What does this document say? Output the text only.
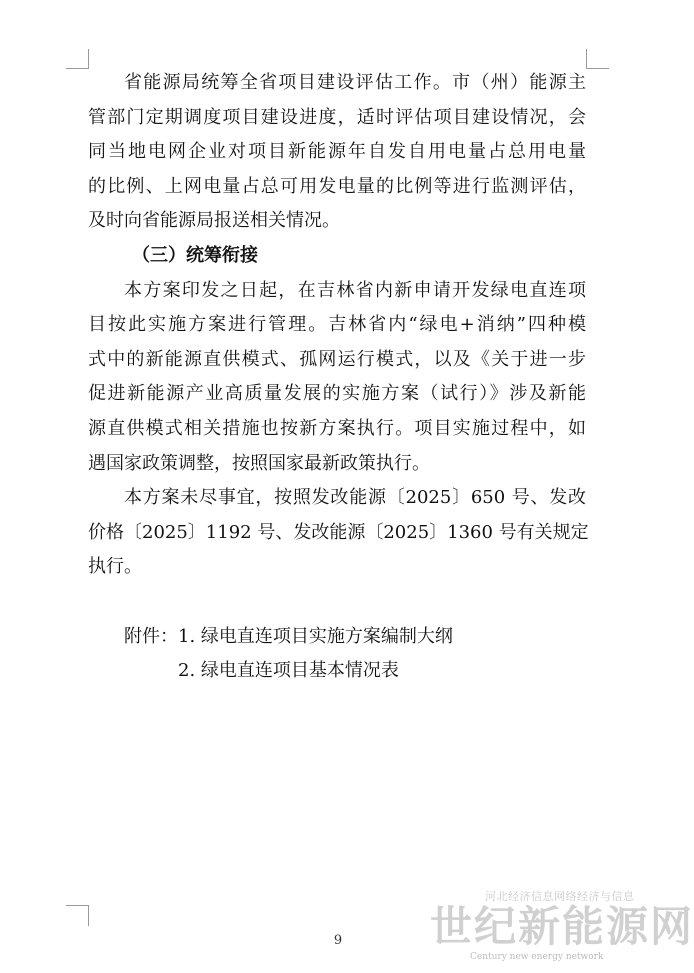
省能源局统筹全省项目建设评估工作。市（州）能源主
管部门定期调度项目建设进度，适时评估项目建设情况，会
同当地电网企业对项目新能源年自发自用电量占总用电量
的比例、上网电量占总可用发电量的比例等进行监测评估，
及时向省能源局报送相关情况。
（三）统筹衔接
本方案印发之日起，在吉林省内新申请开发绿电直连项
目按此实施方案进行管理。吉林省内“绿电+消纳”四种模
式中的新能源直供模式、孤网运行模式，以及《关于进一步
促进新能源产业高质量发展的实施方案（试行）》涉及新能
源直供模式相关措施也按新方案执行。项目实施过程中，如
遇国家政策调整，按照国家最新政策执行。
本方案未尽事宜，按照发改能源〔2025〕650 号、发改
价格〔2025〕1192 号、发改能源〔2025〕1360 号有关规定
执行。
附件：1. 绿电直连项目实施方案编制大纲
2. 绿电直连项目基本情况表
9
河北经济信息网络经济与信息
世纪新能源网
Century new energy network
